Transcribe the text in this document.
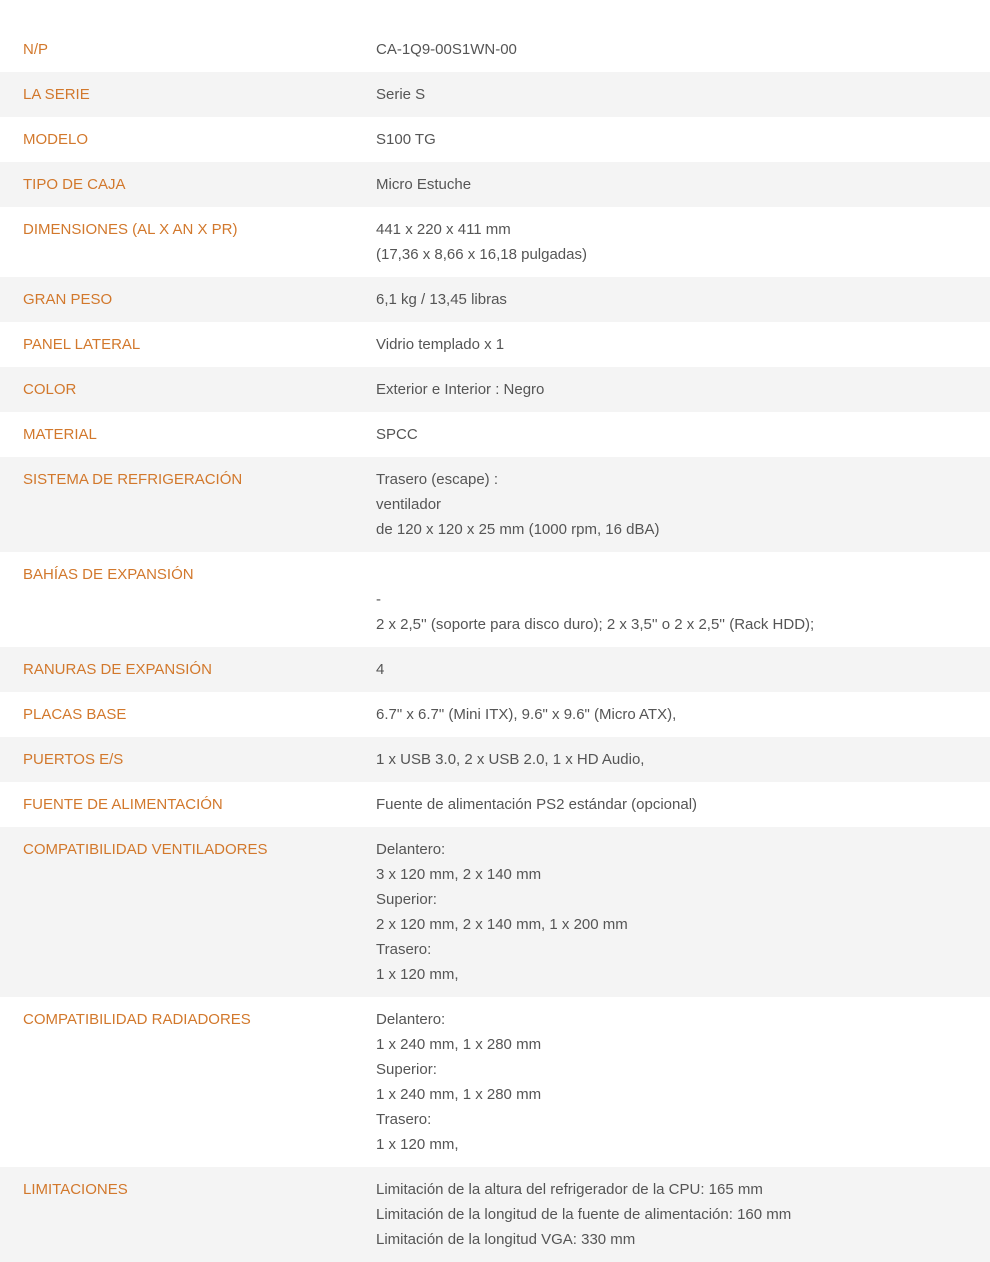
N/P	CA-1Q9-00S1WN-00
LA SERIE	Serie S
MODELO	S100 TG
TIPO DE CAJA	Micro Estuche
DIMENSIONES (AL X AN X PR)	441 x 220 x 411 mm
(17,36 x 8,66 x 16,18 pulgadas)
GRAN PESO	6,1 kg / 13,45 libras
PANEL LATERAL	Vidrio templado x 1
COLOR	Exterior e Interior : Negro
MATERIAL	SPCC
SISTEMA DE REFRIGERACIÓN	Trasero (escape) :
ventilador
de 120 x 120 x 25 mm (1000 rpm, 16 dBA)
BAHÍAS DE EXPANSIÓN
-
2 x 2,5'' (soporte para disco duro); 2 x 3,5'' o 2 x 2,5'' (Rack HDD);
RANURAS DE EXPANSIÓN	4
PLACAS BASE	6.7" x 6.7" (Mini ITX), 9.6" x 9.6" (Micro ATX),
PUERTOS E/S	1 x USB 3.0, 2 x USB 2.0, 1 x HD Audio,
FUENTE DE ALIMENTACIÓN	Fuente de alimentación PS2 estándar (opcional)
COMPATIBILIDAD VENTILADORES	Delantero:
3 x 120 mm, 2 x 140 mm
Superior:
2 x 120 mm, 2 x 140 mm, 1 x 200 mm
Trasero:
1 x 120 mm,
COMPATIBILIDAD RADIADORES	Delantero:
1 x 240 mm, 1 x 280 mm
Superior:
1 x 240 mm, 1 x 280 mm
Trasero:
1 x 120 mm,
LIMITACIONES	Limitación de la altura del refrigerador de la CPU: 165 mm
Limitación de la longitud de la fuente de alimentación: 160 mm
Limitación de la longitud VGA: 330 mm
